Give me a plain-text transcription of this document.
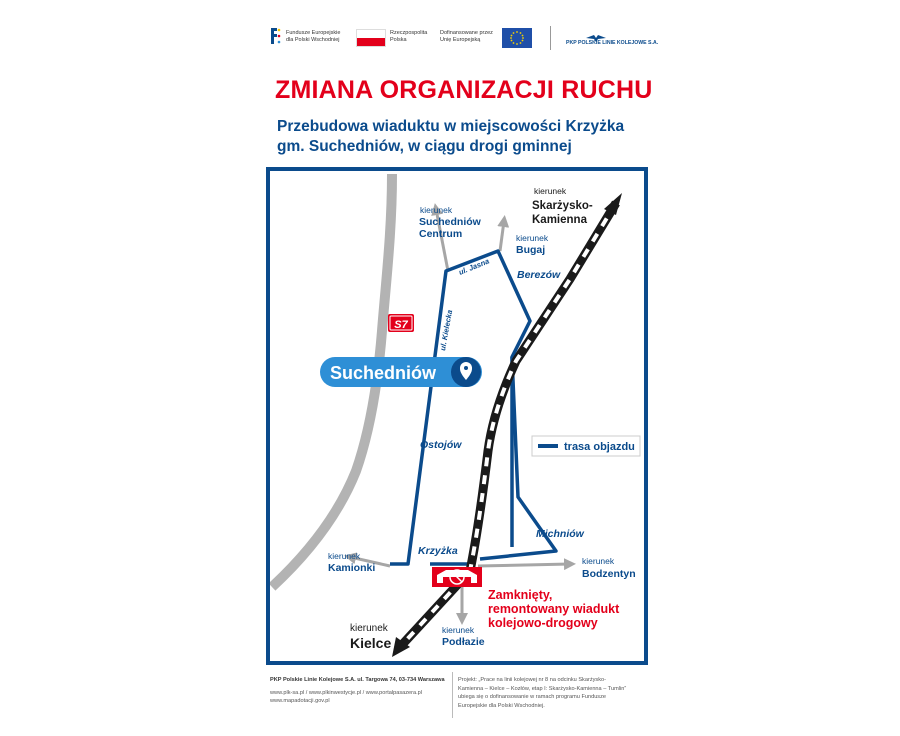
Fundusze Europejskie
dla Polski Wschodniej
Rzeczpospolita
Polska
Dofinansowane przez
Unię Europejską	PKP POLSKIE LINIE KOLEJOWE S.A.
ZMIANA ORGANIZACJI RUCHU
Przebudowa wiaduktu w miejscowości Krzyżka
gm. Suchedniów, w ciągu drogi gminnej
S7
Suchedniów
trasa objazdu
kierunek
Suchedniów
Centrum
kierunek
Skarżysko-
Kamienna
kierunek
Bugaj
kierunek
Kamionki
kierunek
Bodzentyn
kierunek
Podłazie
kierunek
Kielce
ul. Jasna
ul. Kielecka
Berezów
Ostojów
Michniów
Krzyżka
Zamknięty,
remontowany wiadukt
kolejowo-drogowy
PKP Polskie Linie Kolejowe S.A. ul. Targowa 74, 03-734 Warszawa
www.plk-sa.pl / www.plkinwestycje.pl / www.portalpasazera.pl
www.mapadotacji.gov.pl
Projekt: „Prace na linii kolejowej nr 8 na odcinku Skarżysko-
Kamienna – Kielce – Kozłów, etap I: Skarżysko-Kamienna – Tumlin”
ubiega się o dofinansowanie w ramach programu Fundusze
Europejskie dla Polski Wschodniej.
